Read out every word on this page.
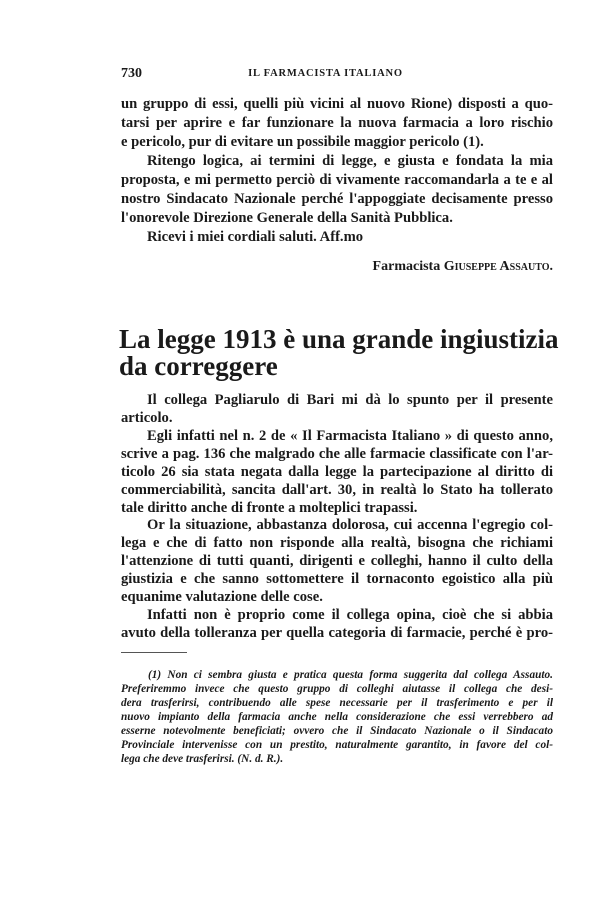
730	IL FARMACISTA ITALIANO
un gruppo di essi, quelli più vicini al nuovo Rione) disposti a quo-
tarsi per aprire e far funzionare la nuova farmacia a loro rischio
e pericolo, pur di evitare un possibile maggior pericolo (1).
Ritengo logica, ai termini di legge, e giusta e fondata la mia
proposta, e mi permetto perciò di vivamente raccomandarla a te e al
nostro Sindacato Nazionale perché l'appoggiate decisamente presso
l'onorevole Direzione Generale della Sanità Pubblica.
Ricevi i miei cordiali saluti. Aff.mo
Farmacista Giuseppe Assauto.
La legge 1913 è una grande ingiustizia
da correggere
Il collega Pagliarulo di Bari mi dà lo spunto per il presente
articolo.
Egli infatti nel n. 2 de « Il Farmacista Italiano » di questo anno,
scrive a pag. 136 che malgrado che alle farmacie classificate con l'ar-
ticolo 26 sia stata negata dalla legge la partecipazione al diritto di
commerciabilità, sancita dall'art. 30, in realtà lo Stato ha tollerato
tale diritto anche di fronte a molteplici trapassi.
Or la situazione, abbastanza dolorosa, cui accenna l'egregio col-
lega e che di fatto non risponde alla realtà, bisogna che richiami
l'attenzione di tutti quanti, dirigenti e colleghi, hanno il culto della
giustizia e che sanno sottomettere il tornaconto egoistico alla più
equanime valutazione delle cose.
Infatti non è proprio come il collega opina, cioè che si abbia
avuto della tolleranza per quella categoria di farmacie, perché è pro-
(1) Non ci sembra giusta e pratica questa forma suggerita dal collega Assauto.
Preferiremmo invece che questo gruppo di colleghi aiutasse il collega che desi-
dera trasferirsi, contribuendo alle spese necessarie per il trasferimento e per il
nuovo impianto della farmacia anche nella considerazione che essi verrebbero ad
esserne notevolmente beneficiati; ovvero che il Sindacato Nazionale o il Sindacato
Provinciale intervenisse con un prestito, naturalmente garantito, in favore del col-
lega che deve trasferirsi. (N. d. R.).
